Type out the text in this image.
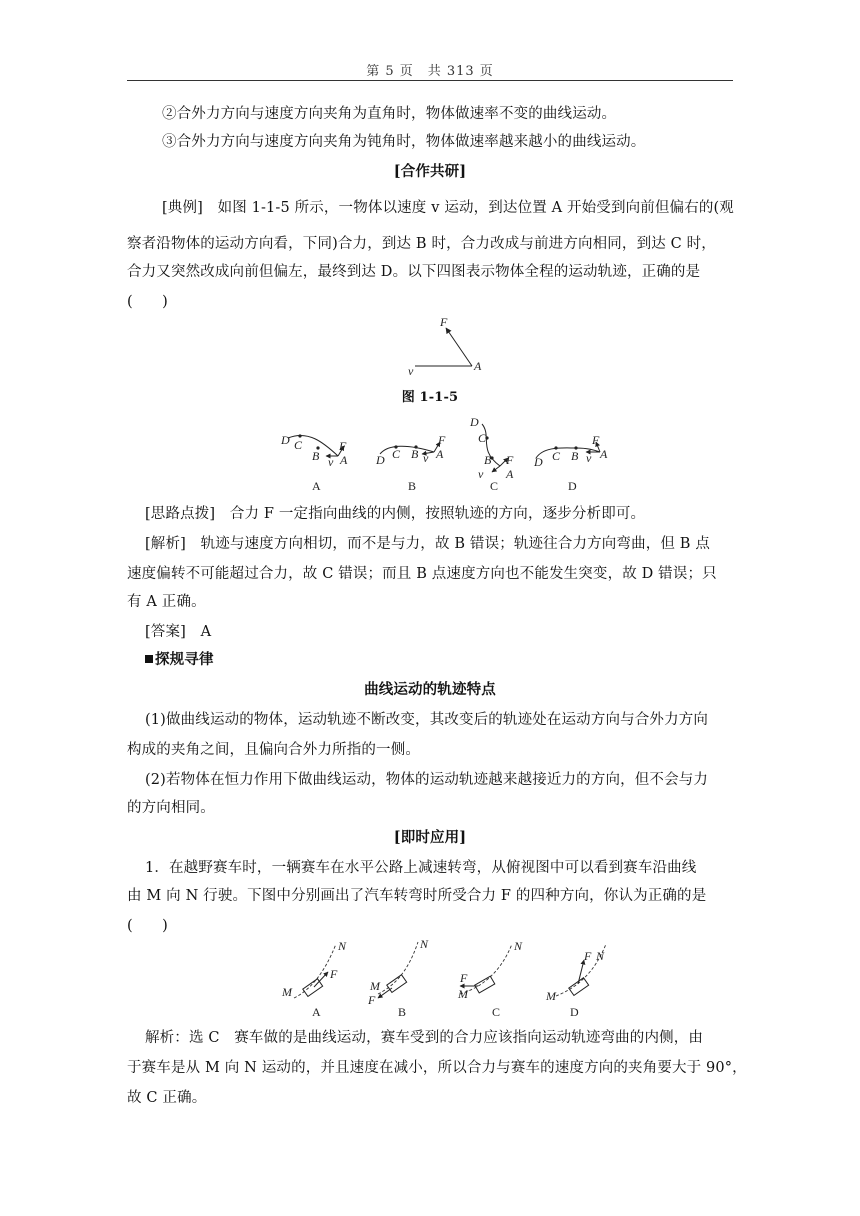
第 5 页　共 313 页
②合外力方向与速度方向夹角为直角时，物体做速率不变的曲线运动。
③合外力方向与速度方向夹角为钝角时，物体做速率越来越小的曲线运动。
[合作共研]
[典例]　如图 1-1-5 所示，一物体以速度 v 运动，到达位置 A 开始受到向前但偏右的(观
察者沿物体的运动方向看，下同)合力，到达 B 时，合力改成与前进方向相同，到达 C 时，
合力又突然改成向前但偏左，最终到达 D。以下四图表示物体全程的运动轨迹，正确的是
(　　)
F
A
v
图 1-1-5
D C
B A
F
v
A
D C B A
F
v
B
D
C
B
A
F
v
C
D C B A
F
v
D
[思路点拨]　合力 F 一定指向曲线的内侧，按照轨迹的方向，逐步分析即可。
[解析]　轨迹与速度方向相切，而不是与力，故 B 错误；轨迹往合力方向弯曲，但 B 点
速度偏转不可能超过合力，故 C 错误；而且 B 点速度方向也不能发生突变，故 D 错误；只
有 A 正确。
[答案]　A
探规寻律
曲线运动的轨迹特点
(1)做曲线运动的物体，运动轨迹不断改变，其改变后的轨迹处在运动方向与合外力方向
构成的夹角之间，且偏向合外力所指的一侧。
(2)若物体在恒力作用下做曲线运动，物体的运动轨迹越来越接近力的方向，但不会与力
的方向相同。
[即时应用]
1．在越野赛车时，一辆赛车在水平公路上减速转弯，从俯视图中可以看到赛车沿曲线
由 M 向 N 行驶。下图中分别画出了汽车转弯时所受合力 F 的四种方向，你认为正确的是
(　　)
M
N
F
A
M
N
F
B
M
N
F
C
M
N
F
D
解析：选 C　赛车做的是曲线运动，赛车受到的合力应该指向运动轨迹弯曲的内侧，由
于赛车是从 M 向 N 运动的，并且速度在减小，所以合力与赛车的速度方向的夹角要大于 90°，
故 C 正确。
